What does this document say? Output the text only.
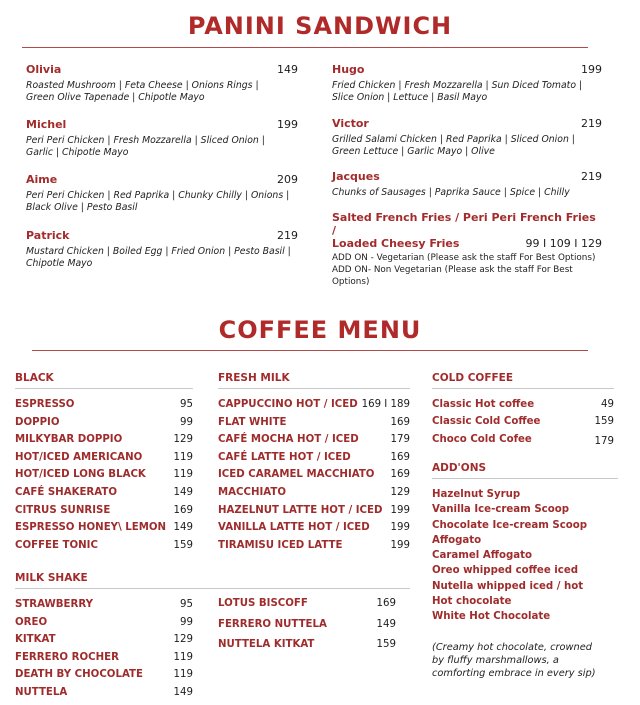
PANINI SANDWICH
Olivia	149
Roasted Mushroom | Feta Cheese | Onions Rings |
Green Olive Tapenade | Chipotle Mayo
Michel	199
Peri Peri Chicken | Fresh Mozzarella | Sliced Onion |
Garlic | Chipotle Mayo
Aime	209
Peri Peri Chicken | Red Paprika | Chunky Chilly | Onions |
Black Olive | Pesto Basil
Patrick	219
Mustard Chicken | Boiled Egg | Fried Onion | Pesto Basil |
Chipotle Mayo
Hugo	199
Fried Chicken | Fresh Mozzarella | Sun Diced Tomato |
Slice Onion | Lettuce | Basil Mayo
Victor	219
Grilled Salami Chicken | Red Paprika | Sliced Onion |
Green Lettuce | Garlic Mayo | Olive
Jacques	219
Chunks of Sausages | Paprika Sauce | Spice | Chilly
Salted French Fries / Peri Peri French Fries /
Loaded Cheesy Fries	99 I 109 I 129
ADD ON - Vegetarian (Please ask the staff For Best Options)
ADD ON- Non Vegetarian (Please ask the staff For Best Options)
COFFEE MENU
BLACK
ESPRESSO	95
DOPPIO	99
MILKYBAR DOPPIO	129
HOT/ICED AMERICANO	119
HOT/ICED LONG BLACK	119
CAFÉ SHAKERATO	149
CITRUS SUNRISE	169
ESPRESSO HONEY\ LEMON 149
COFFEE TONIC	159
FRESH MILK
CAPPUCCINO HOT / ICED 169 I 189
FLAT WHITE	169
CAFÉ MOCHA HOT / ICED	179
CAFÉ LATTE HOT / ICED	169
ICED CARAMEL MACCHIATO 169
MACCHIATO	129
HAZELNUT LATTE HOT / ICED 199
VANILLA LATTE HOT / ICED 199
TIRAMISU ICED LATTE	199
COLD COFFEE
Classic Hot coffee	49
Classic Cold Coffee	159
Choco Cold Cofee	179
ADD'ONS
Hazelnut Syrup
Vanilla Ice-cream Scoop
Chocolate Ice-cream Scoop
Affogato
Caramel Affogato
Oreo whipped coffee iced
Nutella whipped iced / hot
Hot chocolate
White Hot Chocolate
(Creamy hot chocolate, crowned
by fluffy marshmallows, a
comforting embrace in every sip)
MILK SHAKE
STRAWBERRY	95
OREO	99
KITKAT	129
FERRERO ROCHER	119
DEATH BY CHOCOLATE	119
NUTTELA	149
LOTUS BISCOFF	169
FERRERO NUTTELA	149
NUTTELA KITKAT	159
